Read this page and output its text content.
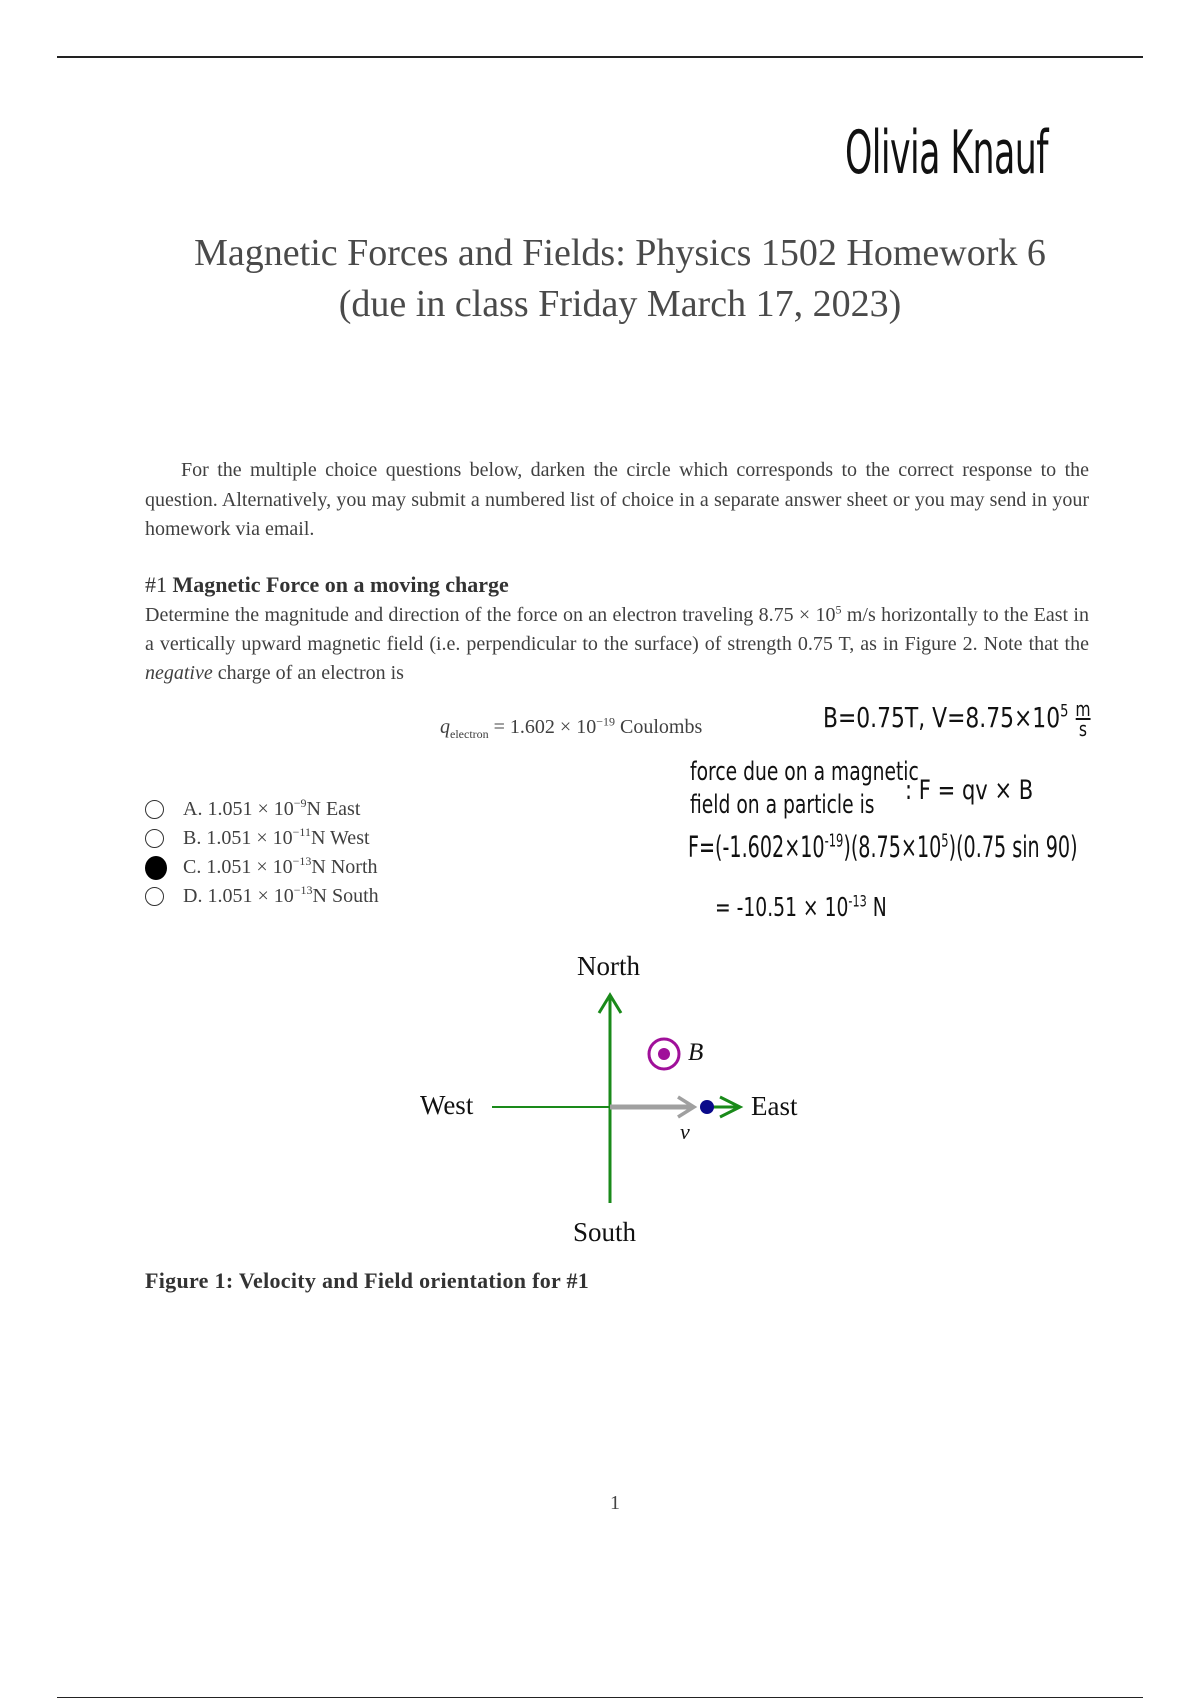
Olivia Knauf
Magnetic Forces and Fields: Physics 1502 Homework 6
(due in class Friday March 17, 2023)
For the multiple choice questions below, darken the circle which corresponds to the correct response to the question. Alternatively, you may submit a numbered list of choice in a separate answer sheet or you may send in your homework via email.
#1 Magnetic Force on a moving charge
Determine the magnitude and direction of the force on an electron traveling $8.75 \times 10^5$ m/s horizontally to the East in a vertically upward magnetic field (i.e. perpendicular to the surface) of strength 0.75 T, as in Figure 2. Note that the negative charge of an electron is
$q_{electron} = 1.602 \times 10^{-19}$ Coulombs
A. $1.051 \times 10^{-9}$ N East
B. $1.051 \times 10^{-11}$ N West
C. $1.051 \times 10^{-13}$ N North
D. $1.051 \times 10^{-13}$ N South
B=0.75T, $V=8.75\times 10^5 \frac{m}{s}$
force due on a magnetic
field on a particle is : F = qv × B
$F=(-1.602\times 10^{-19})(8.75\times 10^5)(0.75$ sin 90)
= $-10.51 \times 10^{-13}$ N
North
South
West	East
B
v
Figure 1: Velocity and Field orientation for #1
1
